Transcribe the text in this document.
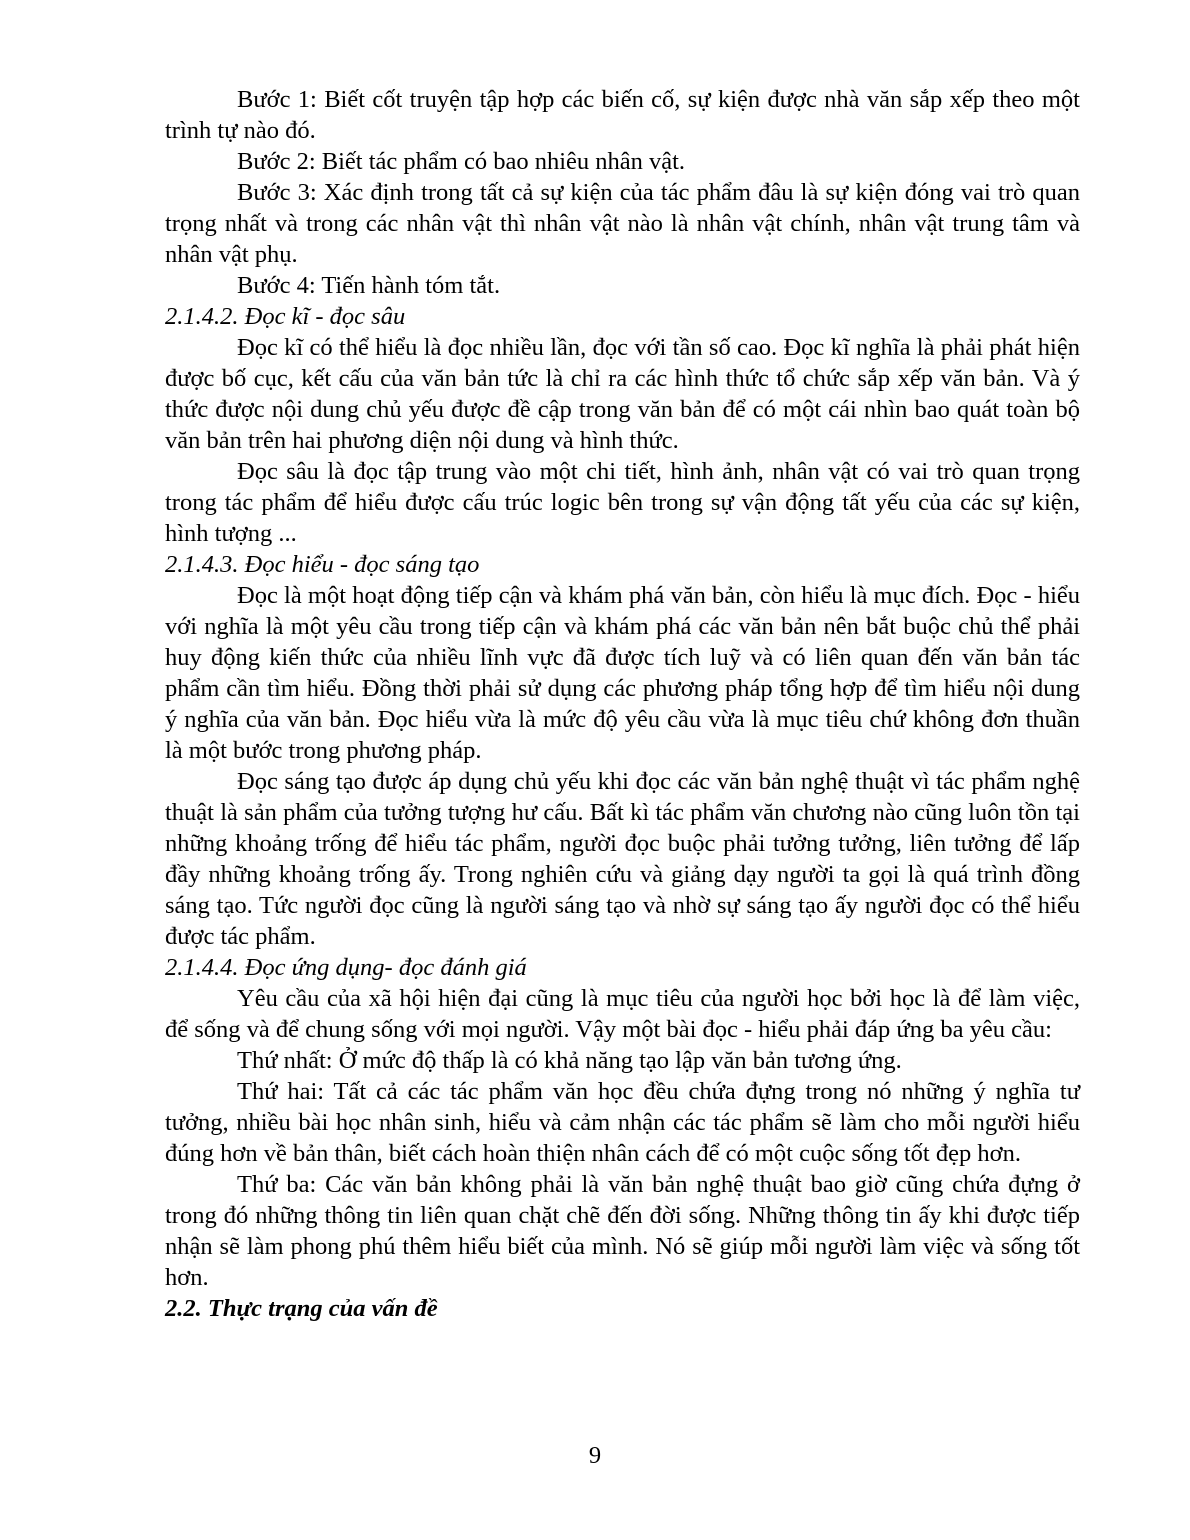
Bước 1: Biết cốt truyện tập hợp các biến cố, sự kiện được nhà văn sắp xếp theo một trình tự nào đó.

Bước 2: Biết tác phẩm có bao nhiêu nhân vật.

Bước 3: Xác định trong tất cả sự kiện của tác phẩm đâu là sự kiện đóng vai trò quan trọng nhất và trong các nhân vật thì nhân vật nào là nhân vật chính, nhân vật trung tâm và nhân vật phụ.

Bước 4: Tiến hành tóm tắt.

2.1.4.2. Đọc kĩ - đọc sâu

Đọc kĩ có thể hiểu là đọc nhiều lần, đọc với tần số cao. Đọc kĩ nghĩa là phải phát hiện được bố cục, kết cấu của văn bản tức là chỉ ra các hình thức tổ chức sắp xếp văn bản. Và ý thức được nội dung chủ yếu được đề cập trong văn bản để có một cái nhìn bao quát toàn bộ văn bản trên hai phương diện nội dung và hình thức.

Đọc sâu là đọc tập trung vào một chi tiết, hình ảnh, nhân vật có vai trò quan trọng trong tác phẩm để hiểu được cấu trúc logic bên trong sự vận động tất yếu của các sự kiện, hình tượng ...

2.1.4.3. Đọc hiểu - đọc sáng tạo

Đọc là một hoạt động tiếp cận và khám phá văn bản, còn hiểu là mục đích. Đọc - hiểu với nghĩa là một yêu cầu trong tiếp cận và khám phá các văn bản nên bắt buộc chủ thể phải huy động kiến thức của nhiều lĩnh vực đã được tích luỹ và có liên quan đến văn bản tác phẩm cần tìm hiểu. Đồng thời phải sử dụng các phương pháp tổng hợp để tìm hiểu nội dung ý nghĩa của văn bản. Đọc hiểu vừa là mức độ yêu cầu vừa là mục tiêu chứ không đơn thuần là một bước trong phương pháp.

Đọc sáng tạo được áp dụng chủ yếu khi đọc các văn bản nghệ thuật vì tác phẩm nghệ thuật là sản phẩm của tưởng tượng hư cấu. Bất kì tác phẩm văn chương nào cũng luôn tồn tại những khoảng trống để hiểu tác phẩm, người đọc buộc phải tưởng tưởng, liên tưởng để lấp đầy những khoảng trống ấy. Trong nghiên cứu và giảng dạy người ta gọi là quá trình đồng sáng tạo. Tức người đọc cũng là người sáng tạo và nhờ sự sáng tạo ấy người đọc có thể hiểu được tác phẩm.

2.1.4.4. Đọc ứng dụng- đọc đánh giá

Yêu cầu của xã hội hiện đại cũng là mục tiêu của người học bởi học là để làm việc, để sống và để chung sống với mọi người. Vậy một bài đọc - hiểu phải đáp ứng ba yêu cầu:

Thứ nhất: Ở mức độ thấp là có khả năng tạo lập văn bản tương ứng.

Thứ hai: Tất cả các tác phẩm văn học đều chứa đựng trong nó những ý nghĩa tư tưởng, nhiều bài học nhân sinh, hiểu và cảm nhận các tác phẩm sẽ làm cho mỗi người hiểu đúng hơn về bản thân, biết cách hoàn thiện nhân cách để có một cuộc sống tốt đẹp hơn.

Thứ ba: Các văn bản không phải là văn bản nghệ thuật bao giờ cũng chứa đựng ở trong đó những thông tin liên quan chặt chẽ đến đời sống. Những thông tin ấy khi được tiếp nhận sẽ làm phong phú thêm hiểu biết của mình. Nó sẽ giúp mỗi người làm việc và sống tốt hơn.

2.2. Thực trạng của vấn đề

9
